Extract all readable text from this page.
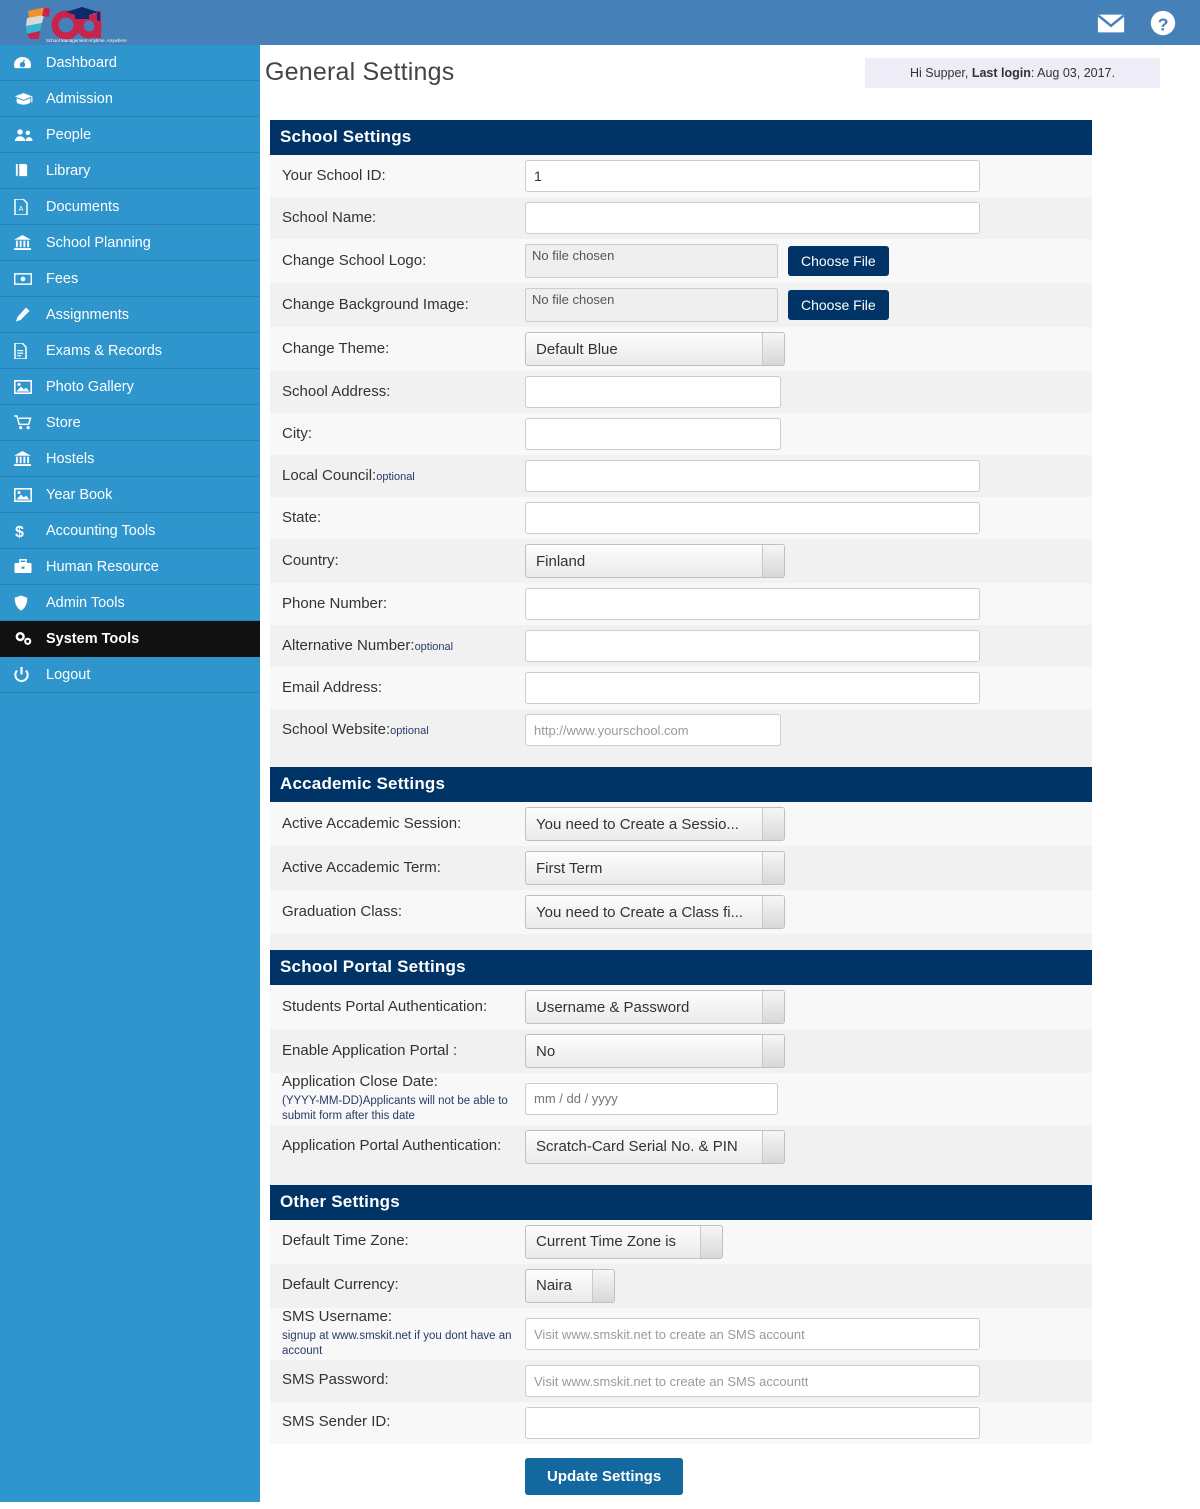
School Management Anytime, Anywhere
?
Dashboard
Admission
People
Library
A Documents
School Planning
Fees
Assignments
Exams & Records
Photo Gallery
Store
Hostels
Year Book
$ Accounting Tools
Human Resource
Admin Tools
System Tools
Logout
General Settings	Hi Supper, Last login: Aug 03, 2017.
School Settings
Your School ID:
1
School Name:
Change School Logo:	No file chosen	Choose File
Change Background Image:	No file chosen	Choose File
Change Theme:	Default Blue
School Address:
City:
Local Council:optional
State:
Country:	Finland
Phone Number:
Alternative Number:optional
Email Address:
School Website:optional
http://www.yourschool.com
Accademic Settings
Active Accademic Session:	You need to Create a Sessio...
Active Accademic Term:	First Term
Graduation Class:	You need to Create a Class fi...
School Portal Settings
Students Portal Authentication:	Username & Password
Enable Application Portal :	No
Application Close Date:
(YYYY-MM-DD)Applicants will not be able to submit form after this date
mm / dd / yyyy
Application Portal Authentication:	Scratch-Card Serial No. & PIN
Other Settings
Default Time Zone:	Current Time Zone is
Default Currency:	Naira
SMS Username:
signup at www.smskit.net if you dont have an account
Visit www.smskit.net to create an SMS account
SMS Password:
Visit www.smskit.net to create an SMS accountt
SMS Sender ID:
Update Settings
